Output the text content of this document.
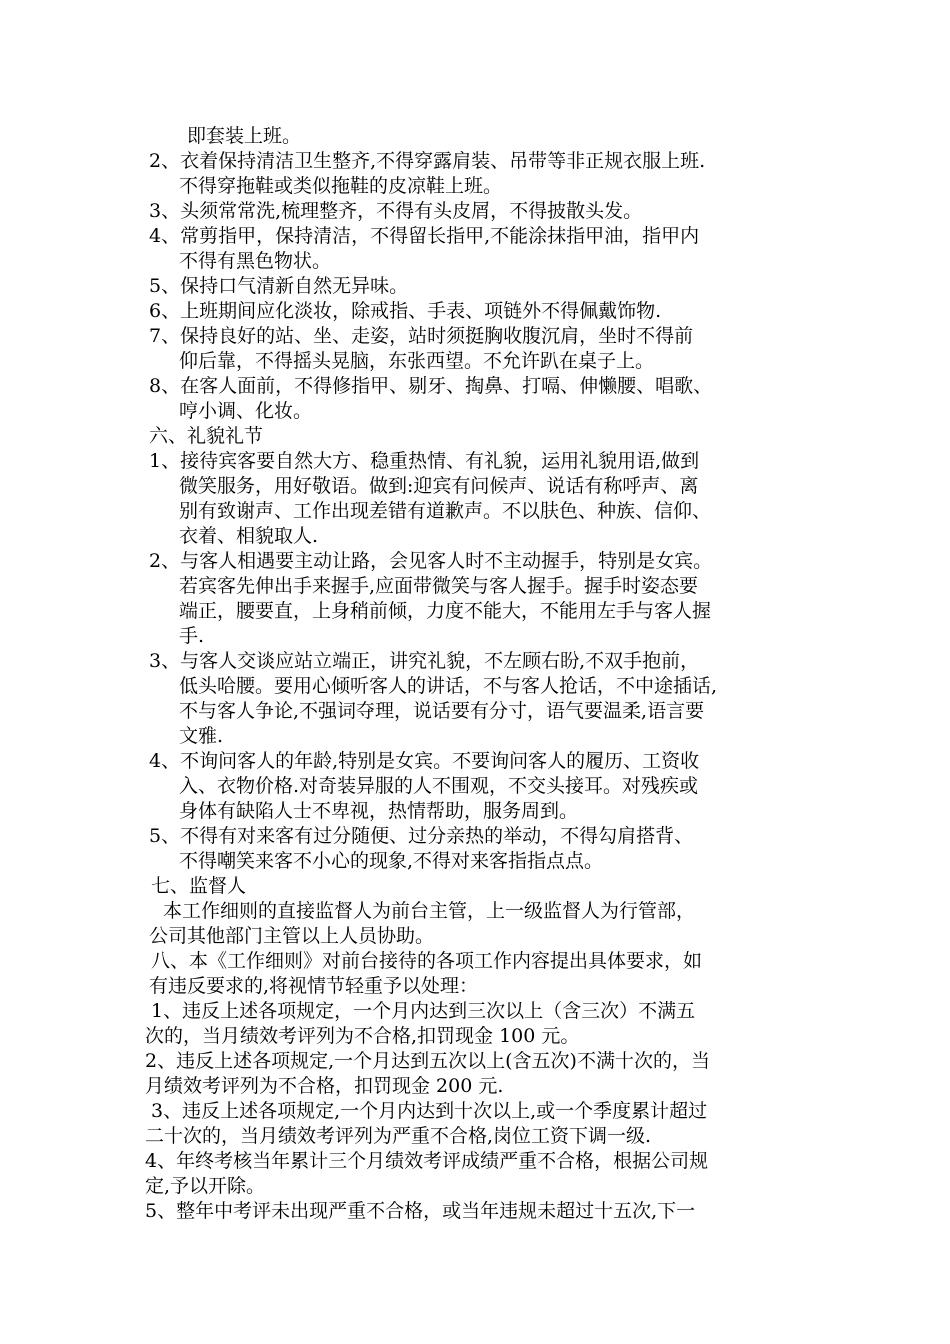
即套装上班。
2、衣着保持清洁卫生整齐,不得穿露肩装、吊带等非正规衣服上班.
不得穿拖鞋或类似拖鞋的皮凉鞋上班。
3、头须常常洗,梳理整齐，不得有头皮屑，不得披散头发。
4、常剪指甲，保持清洁，不得留长指甲,不能涂抹指甲油，指甲内
不得有黑色物状。
5、保持口气清新自然无异味。
6、上班期间应化淡妆，除戒指、手表、项链外不得佩戴饰物.
7、保持良好的站、坐、走姿，站时须挺胸收腹沉肩，坐时不得前
仰后靠，不得摇头晃脑，东张西望。不允许趴在桌子上。
8、在客人面前，不得修指甲、剔牙、掏鼻、打嗝、伸懒腰、唱歌、
哼小调、化妆。
六、礼貌礼节
1、接待宾客要自然大方、稳重热情、有礼貌，运用礼貌用语,做到
微笑服务，用好敬语。做到:迎宾有问候声、说话有称呼声、离
别有致谢声、工作出现差错有道歉声。不以肤色、种族、信仰、
衣着、相貌取人.
2、与客人相遇要主动让路，会见客人时不主动握手，特别是女宾。
若宾客先伸出手来握手,应面带微笑与客人握手。握手时姿态要
端正，腰要直，上身稍前倾，力度不能大，不能用左手与客人握
手.
3、与客人交谈应站立端正，讲究礼貌，不左顾右盼,不双手抱前，
低头哈腰。要用心倾听客人的讲话，不与客人抢话，不中途插话,
不与客人争论,不强词夺理，说话要有分寸，语气要温柔,语言要
文雅.
4、不询问客人的年龄,特别是女宾。不要询问客人的履历、工资收
入、衣物价格.对奇装异服的人不围观，不交头接耳。对残疾或
身体有缺陷人士不卑视，热情帮助，服务周到。
5、不得有对来客有过分随便、过分亲热的举动，不得勾肩搭背、
不得嘲笑来客不小心的现象,不得对来客指指点点。
七、监督人
本工作细则的直接监督人为前台主管，上一级监督人为行管部，
公司其他部门主管以上人员协助。
八、本《工作细则》对前台接待的各项工作内容提出具体要求，如
有违反要求的,将视情节轻重予以处理：
1、违反上述各项规定，一个月内达到三次以上（含三次）不满五
次的，当月绩效考评列为不合格,扣罚现金 100 元。
2、违反上述各项规定,一个月达到五次以上(含五次)不满十次的，当
月绩效考评列为不合格，扣罚现金 200 元.
3、违反上述各项规定,一个月内达到十次以上,或一个季度累计超过
二十次的，当月绩效考评列为严重不合格,岗位工资下调一级.
4、年终考核当年累计三个月绩效考评成绩严重不合格，根据公司规
定,予以开除。
5、整年中考评未出现严重不合格，或当年违规未超过十五次,下一
